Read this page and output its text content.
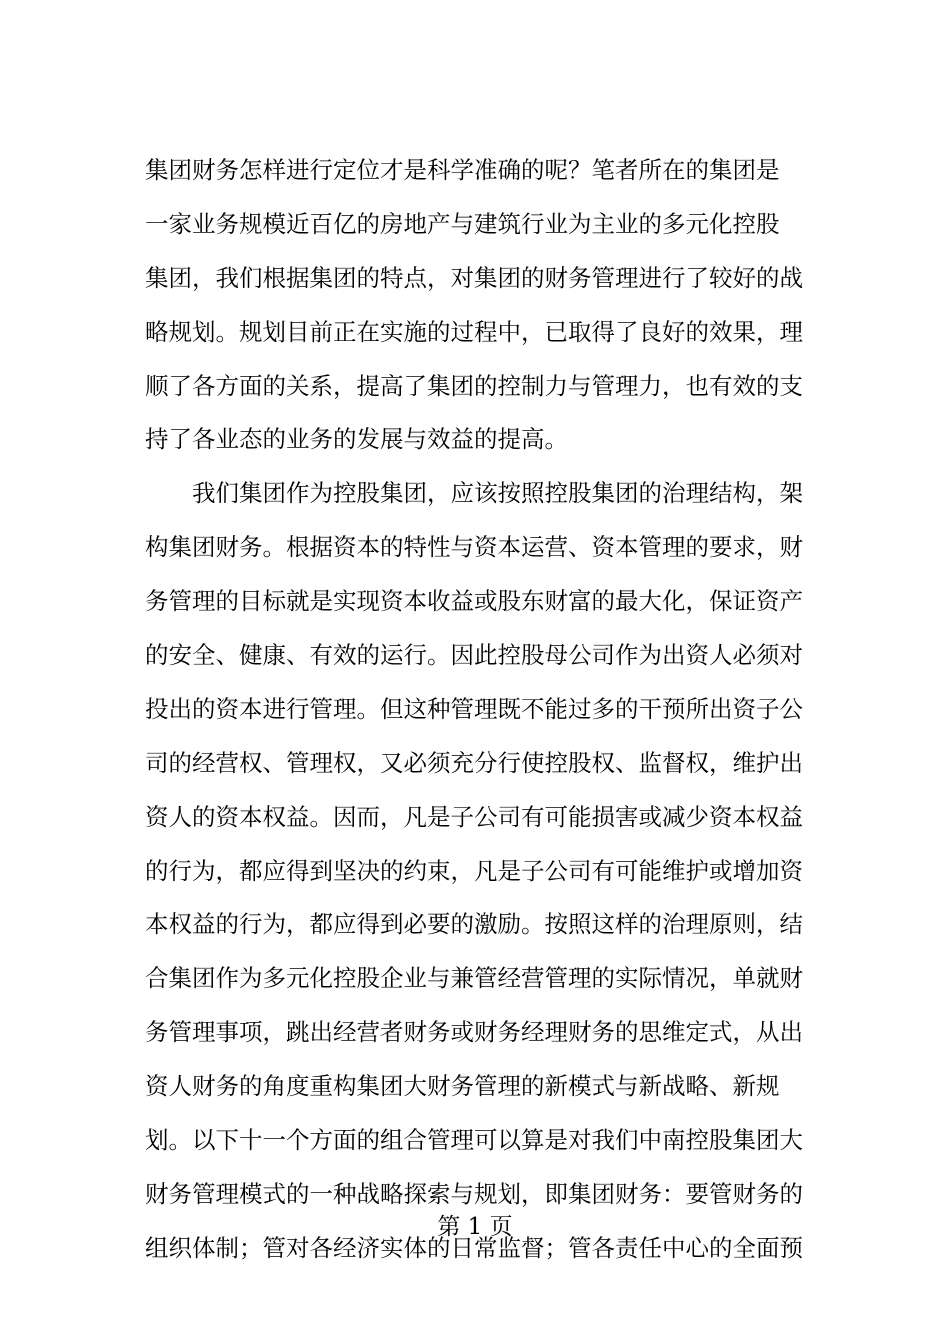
集团财务怎样进行定位才是科学准确的呢？笔者所在的集团是
一家业务规模近百亿的房地产与建筑行业为主业的多元化控股
集团，我们根据集团的特点，对集团的财务管理进行了较好的战
略规划。规划目前正在实施的过程中，已取得了良好的效果，理
顺了各方面的关系，提高了集团的控制力与管理力，也有效的支
持了各业态的业务的发展与效益的提高。
　　我们集团作为控股集团，应该按照控股集团的治理结构，架
构集团财务。根据资本的特性与资本运营、资本管理的要求，财
务管理的目标就是实现资本收益或股东财富的最大化，保证资产
的安全、健康、有效的运行。因此控股母公司作为出资人必须对
投出的资本进行管理。但这种管理既不能过多的干预所出资子公
司的经营权、管理权，又必须充分行使控股权、监督权，维护出
资人的资本权益。因而，凡是子公司有可能损害或减少资本权益
的行为，都应得到坚决的约束，凡是子公司有可能维护或增加资
本权益的行为，都应得到必要的激励。按照这样的治理原则，结
合集团作为多元化控股企业与兼管经营管理的实际情况，单就财
务管理事项，跳出经营者财务或财务经理财务的思维定式，从出
资人财务的角度重构集团大财务管理的新模式与新战略、新规
划。以下十一个方面的组合管理可以算是对我们中南控股集团大
财务管理模式的一种战略探索与规划，即集团财务：要管财务的
组织体制；管对各经济实体的日常监督；管各责任中心的全面预
第 1 页
